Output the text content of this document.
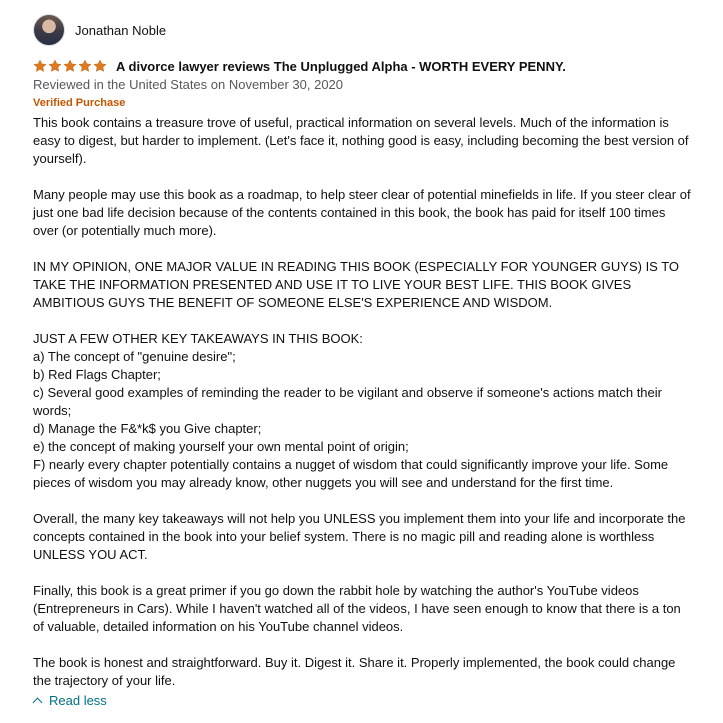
Jonathan Noble
A divorce lawyer reviews The Unplugged Alpha - WORTH EVERY PENNY.
Reviewed in the United States on November 30, 2020
Verified Purchase

This book contains a treasure trove of useful, practical information on several levels. Much of the information is easy to digest, but harder to implement. (Let's face it, nothing good is easy, including becoming the best version of yourself).

Many people may use this book as a roadmap, to help steer clear of potential minefields in life. If you steer clear of just one bad life decision because of the contents contained in this book, the book has paid for itself 100 times over (or potentially much more).

IN MY OPINION, ONE MAJOR VALUE IN READING THIS BOOK (ESPECIALLY FOR YOUNGER GUYS) IS TO TAKE THE INFORMATION PRESENTED AND USE IT TO LIVE YOUR BEST LIFE. THIS BOOK GIVES AMBITIOUS GUYS THE BENEFIT OF SOMEONE ELSE'S EXPERIENCE AND WISDOM.

JUST A FEW OTHER KEY TAKEAWAYS IN THIS BOOK:
a) The concept of "genuine desire";
b) Red Flags Chapter;
c) Several good examples of reminding the reader to be vigilant and observe if someone's actions match their words;
d) Manage the F&*k$ you Give chapter;
e) the concept of making yourself your own mental point of origin;
F) nearly every chapter potentially contains a nugget of wisdom that could significantly improve your life. Some pieces of wisdom you may already know, other nuggets you will see and understand for the first time.

Overall, the many key takeaways will not help you UNLESS you implement them into your life and incorporate the concepts contained in the book into your belief system. There is no magic pill and reading alone is worthless UNLESS YOU ACT.

Finally, this book is a great primer if you go down the rabbit hole by watching the author's YouTube videos (Entrepreneurs in Cars). While I haven't watched all of the videos, I have seen enough to know that there is a ton of valuable, detailed information on his YouTube channel videos.

The book is honest and straightforward. Buy it. Digest it. Share it. Properly implemented, the book could change the trajectory of your life.

Read less
